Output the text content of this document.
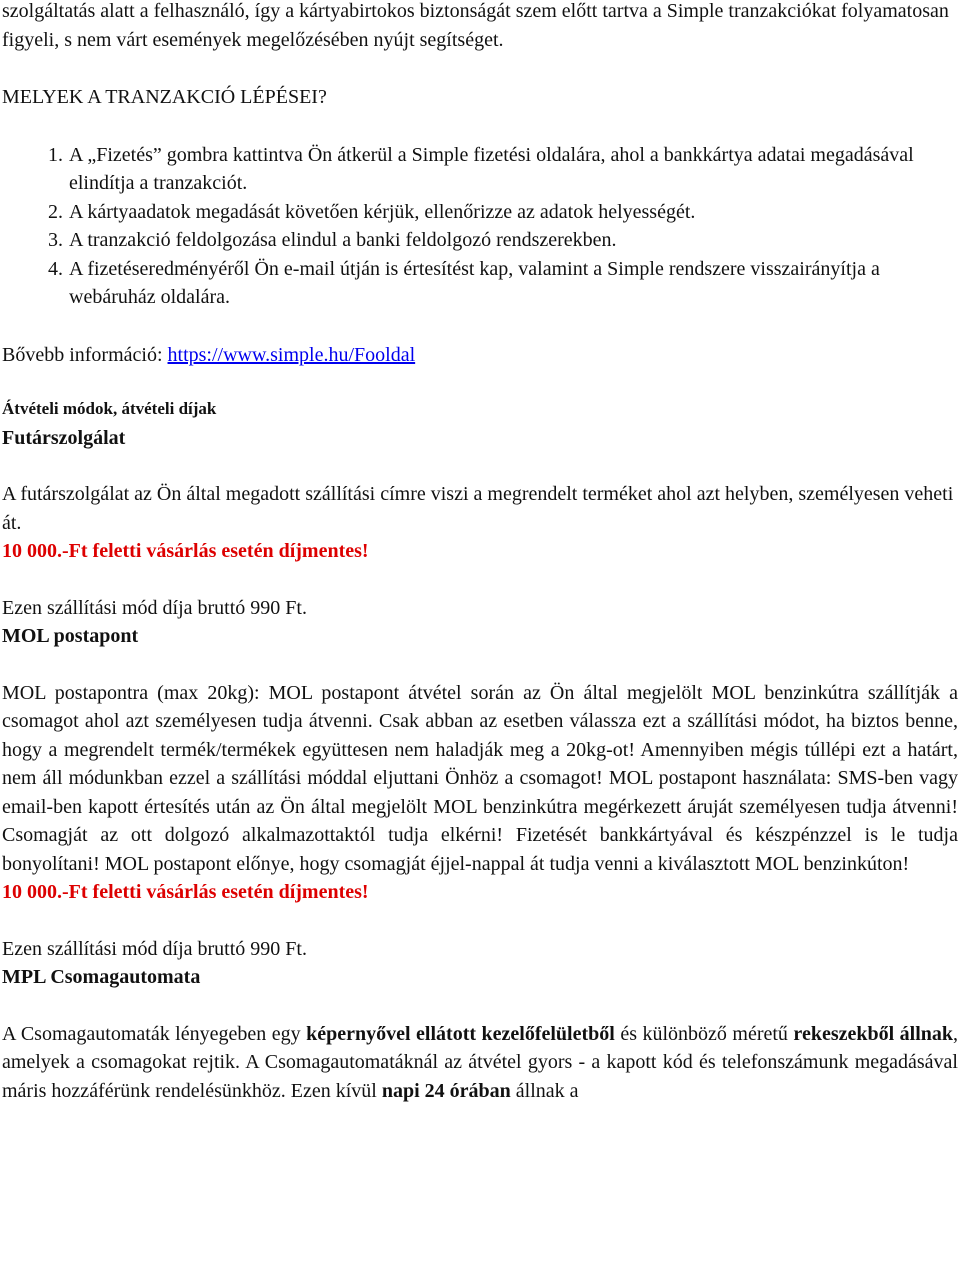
szolgáltatás alatt a felhasználó, így a kártyabirtokos biztonságát szem előtt tartva a Simple tranzakciókat folyamatosan figyeli, s nem várt események megelőzésében nyújt segítséget.

MELYEK A TRANZAKCIÓ LÉPÉSEI?

1. A „Fizetés” gombra kattintva Ön átkerül a Simple fizetési oldalára, ahol a bankkártya adatai megadásával elindítja a tranzakciót.
2. A kártyaadatok megadását követően kérjük, ellenőrizze az adatok helyességét.
3. A tranzakció feldolgozása elindul a banki feldolgozó rendszerekben.
4. A fizetéseredményéről Ön e-mail útján is értesítést kap, valamint a Simple rendszere visszairányítja a webáruház oldalára.

Bővebb információ: https://www.simple.hu/Fooldal

Átvételi módok, átvételi díjak

Futárszolgálat

A futárszolgálat az Ön által megadott szállítási címre viszi a megrendelt terméket ahol azt helyben, személyesen veheti át.

10 000.-Ft feletti vásárlás esetén díjmentes!

Ezen szállítási mód díja bruttó 990 Ft.

MOL postapont

MOL postapontra (max 20kg): MOL postapont átvétel során az Ön által megjelölt MOL benzinkútra szállítják a csomagot ahol azt személyesen tudja átvenni. Csak abban az esetben válassza ezt a szállítási módot, ha biztos benne, hogy a megrendelt termék/termékek együttesen nem haladják meg a 20kg-ot! Amennyiben mégis túllépi ezt a határt, nem áll módunkban ezzel a szállítási móddal eljuttani Önhöz a csomagot! MOL postapont használata: SMS-ben vagy email-ben kapott értesítés után az Ön által megjelölt MOL benzinkútra megérkezett áruját személyesen tudja átvenni! Csomagját az ott dolgozó alkalmazottaktól tudja elkérni! Fizetését bankkártyával és készpénzzel is le tudja bonyolítani! MOL postapont előnye, hogy csomagját éjjel-nappal át tudja venni a kiválasztott MOL benzinkúton!

10 000.-Ft feletti vásárlás esetén díjmentes!

Ezen szállítási mód díja bruttó 990 Ft.

MPL Csomagautomata

A Csomagautomaták lényegeben egy képernyővel ellátott kezelőfelületből és különböző méretű rekeszekből állnak, amelyek a csomagokat rejtik. A Csomagautomatáknál az átvétel gyors - a kapott kód és telefonszámunk megadásával máris hozzáférünk rendelésünkhöz. Ezen kívül napi 24 órában állnak a
